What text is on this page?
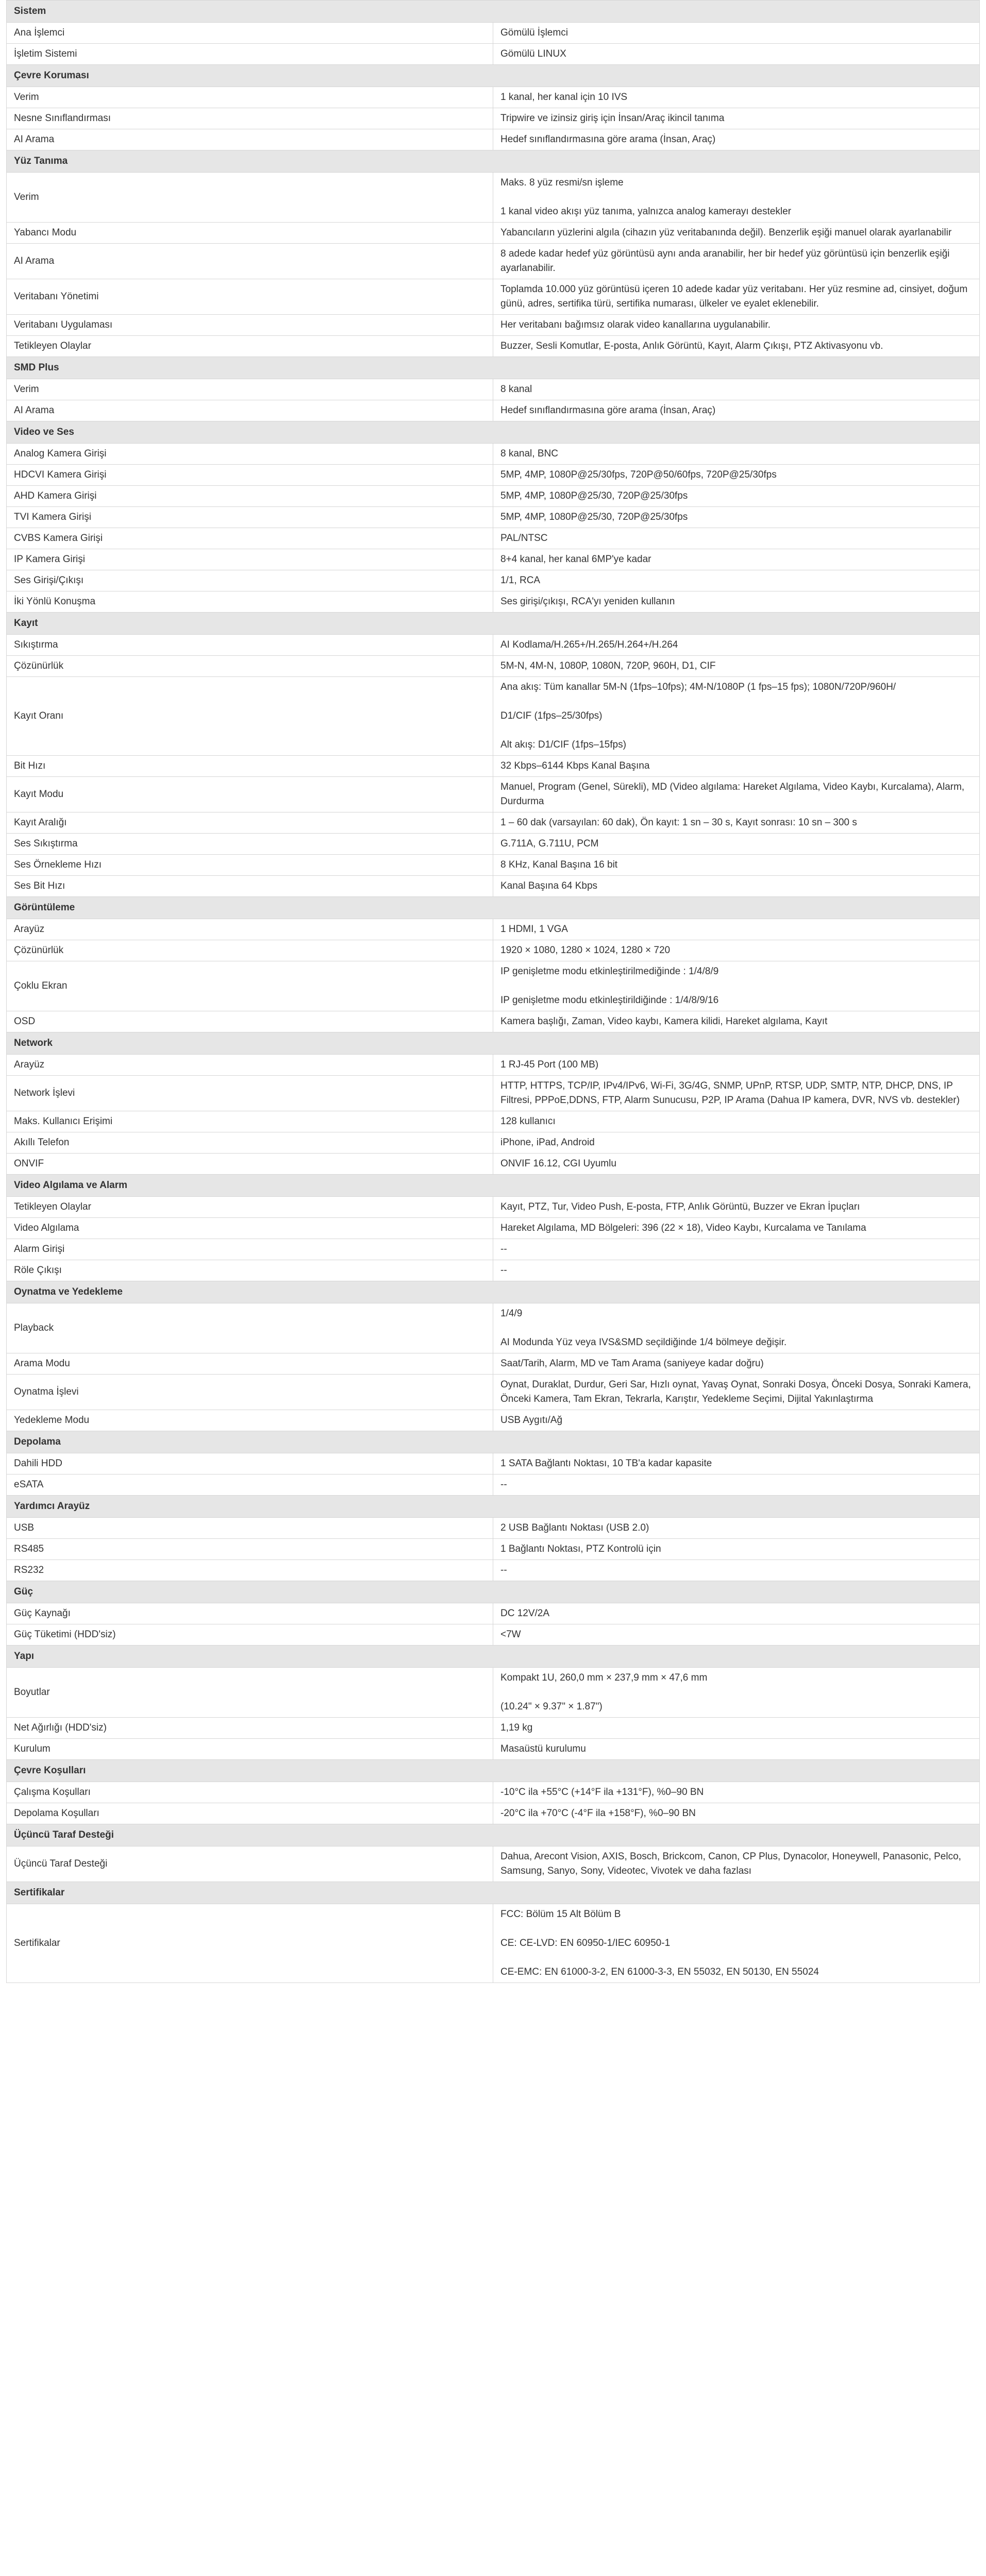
Sistem	
Ana İşlemci	Gömülü İşlemci

İşletim Sistemi	Gömülü LINUX

Çevre Koruması	
Verim	1 kanal, her kanal için 10 IVS

Nesne Sınıflandırması	Tripwire ve izinsiz giriş için İnsan/Araç ikincil tanıma

AI Arama	Hedef sınıflandırmasına göre arama (İnsan, Araç)

Yüz Tanıma	
Verim	Maks. 8 yüz resmi/sn işleme
1 kanal video akışı yüz tanıma, yalnızca analog kamerayı destekler

Yabancı Modu	Yabancıların yüzlerini algıla (cihazın yüz veritabanında değil). Benzerlik eşiği manuel olarak ayarlanabilir

AI Arama	8 adede kadar hedef yüz görüntüsü aynı anda aranabilir, her bir hedef yüz görüntüsü için benzerlik eşiği ayarlanabilir.

Veritabanı Yönetimi	Toplamda 10.000 yüz görüntüsü içeren 10 adede kadar yüz veritabanı. Her yüz resmine ad, cinsiyet, doğum günü, adres, sertifika türü, sertifika numarası, ülkeler ve eyalet eklenebilir.

Veritabanı Uygulaması	Her veritabanı bağımsız olarak video kanallarına uygulanabilir.

Tetikleyen Olaylar	Buzzer, Sesli Komutlar, E-posta, Anlık Görüntü, Kayıt, Alarm Çıkışı, PTZ Aktivasyonu vb.

SMD Plus	
Verim	8 kanal

AI Arama	Hedef sınıflandırmasına göre arama (İnsan, Araç)

Video ve Ses	
Analog Kamera Girişi	8 kanal, BNC

HDCVI Kamera Girişi	5MP, 4MP, 1080P@25/30fps, 720P@50/60fps, 720P@25/30fps

AHD Kamera Girişi	5MP, 4MP, 1080P@25/30, 720P@25/30fps

TVI Kamera Girişi	5MP, 4MP, 1080P@25/30, 720P@25/30fps

CVBS Kamera Girişi	PAL/NTSC

IP Kamera Girişi	8+4 kanal, her kanal 6MP'ye kadar

Ses Girişi/Çıkışı	1/1, RCA

İki Yönlü Konuşma	Ses girişi/çıkışı, RCA'yı yeniden kullanın

Kayıt	
Sıkıştırma	AI Kodlama/H.265+/H.265/H.264+/H.264

Çözünürlük	5M-N, 4M-N, 1080P, 1080N, 720P, 960H, D1, CIF

Kayıt Oranı	Ana akış: Tüm kanallar 5M-N (1fps–10fps); 4M-N/1080P (1 fps–15 fps); 1080N/720P/960H/
D1/CIF (1fps–25/30fps)
Alt akış: D1/CIF (1fps–15fps)

Bit Hızı	32 Kbps–6144 Kbps Kanal Başına

Kayıt Modu	Manuel, Program (Genel, Sürekli), MD (Video algılama: Hareket Algılama, Video Kaybı, Kurcalama), Alarm, Durdurma

Kayıt Aralığı	1 – 60 dak (varsayılan: 60 dak), Ön kayıt: 1 sn – 30 s, Kayıt sonrası: 10 sn – 300 s

Ses Sıkıştırma	G.711A, G.711U, PCM

Ses Örnekleme Hızı	8 KHz, Kanal Başına 16 bit

Ses Bit Hızı	Kanal Başına 64 Kbps

Görüntüleme	
Arayüz	1 HDMI, 1 VGA

Çözünürlük	1920 × 1080, 1280 × 1024, 1280 × 720

Çoklu Ekran	IP genişletme modu etkinleştirilmediğinde : 1/4/8/9
IP genişletme modu etkinleştirildiğinde : 1/4/8/9/16

OSD	Kamera başlığı, Zaman, Video kaybı, Kamera kilidi, Hareket algılama, Kayıt

Network	
Arayüz	1 RJ-45 Port (100 MB)

Network İşlevi	HTTP, HTTPS, TCP/IP, IPv4/IPv6, Wi-Fi, 3G/4G, SNMP, UPnP, RTSP, UDP, SMTP, NTP, DHCP, DNS, IP Filtresi, PPPoE,DDNS, FTP, Alarm Sunucusu, P2P, IP Arama (Dahua IP kamera, DVR, NVS vb. destekler)

Maks. Kullanıcı Erişimi	128 kullanıcı

Akıllı Telefon	iPhone, iPad, Android

ONVIF	ONVIF 16.12, CGI Uyumlu

Video Algılama ve Alarm	
Tetikleyen Olaylar	Kayıt, PTZ, Tur, Video Push, E-posta, FTP, Anlık Görüntü, Buzzer ve Ekran İpuçları

Video Algılama	Hareket Algılama, MD Bölgeleri: 396 (22 × 18), Video Kaybı, Kurcalama ve Tanılama

Alarm Girişi	--

Röle Çıkışı	--

Oynatma ve Yedekleme	
Playback	1/4/9
AI Modunda Yüz veya IVS&SMD seçildiğinde 1/4 bölmeye değişir.

Arama Modu	Saat/Tarih, Alarm, MD ve Tam Arama (saniyeye kadar doğru)

Oynatma İşlevi	Oynat, Duraklat, Durdur, Geri Sar, Hızlı oynat, Yavaş Oynat, Sonraki Dosya, Önceki Dosya, Sonraki Kamera, Önceki Kamera, Tam Ekran, Tekrarla, Karıştır, Yedekleme Seçimi, Dijital Yakınlaştırma

Yedekleme Modu	USB Aygıtı/Ağ

Depolama	
Dahili HDD	1 SATA Bağlantı Noktası, 10 TB'a kadar kapasite

eSATA	--

Yardımcı Arayüz	
USB	2 USB Bağlantı Noktası (USB 2.0)

RS485	1 Bağlantı Noktası, PTZ Kontrolü için

RS232	--

Güç	
Güç Kaynağı	DC 12V/2A

Güç Tüketimi (HDD'siz)	<7W

Yapı	
Boyutlar	Kompakt 1U, 260,0 mm × 237,9 mm × 47,6 mm
(10.24" × 9.37" × 1.87")

Net Ağırlığı (HDD'siz)	1,19 kg

Kurulum	Masaüstü kurulumu

Çevre Koşulları	
Çalışma Koşulları	-10°C ila +55°C (+14°F ila +131°F), %0–90 BN

Depolama Koşulları	-20°C ila +70°C (-4°F ila +158°F), %0–90 BN

Üçüncü Taraf Desteği	
Üçüncü Taraf Desteği	Dahua, Arecont Vision, AXIS, Bosch, Brickcom, Canon, CP Plus, Dynacolor, Honeywell, Panasonic, Pelco, Samsung, Sanyo, Sony, Videotec, Vivotek ve daha fazlası

Sertifikalar	
Sertifikalar	FCC: Bölüm 15 Alt Bölüm B
CE: CE-LVD: EN 60950-1/IEC 60950-1
CE-EMC: EN 61000-3-2, EN 61000-3-3, EN 55032, EN 50130, EN 55024
